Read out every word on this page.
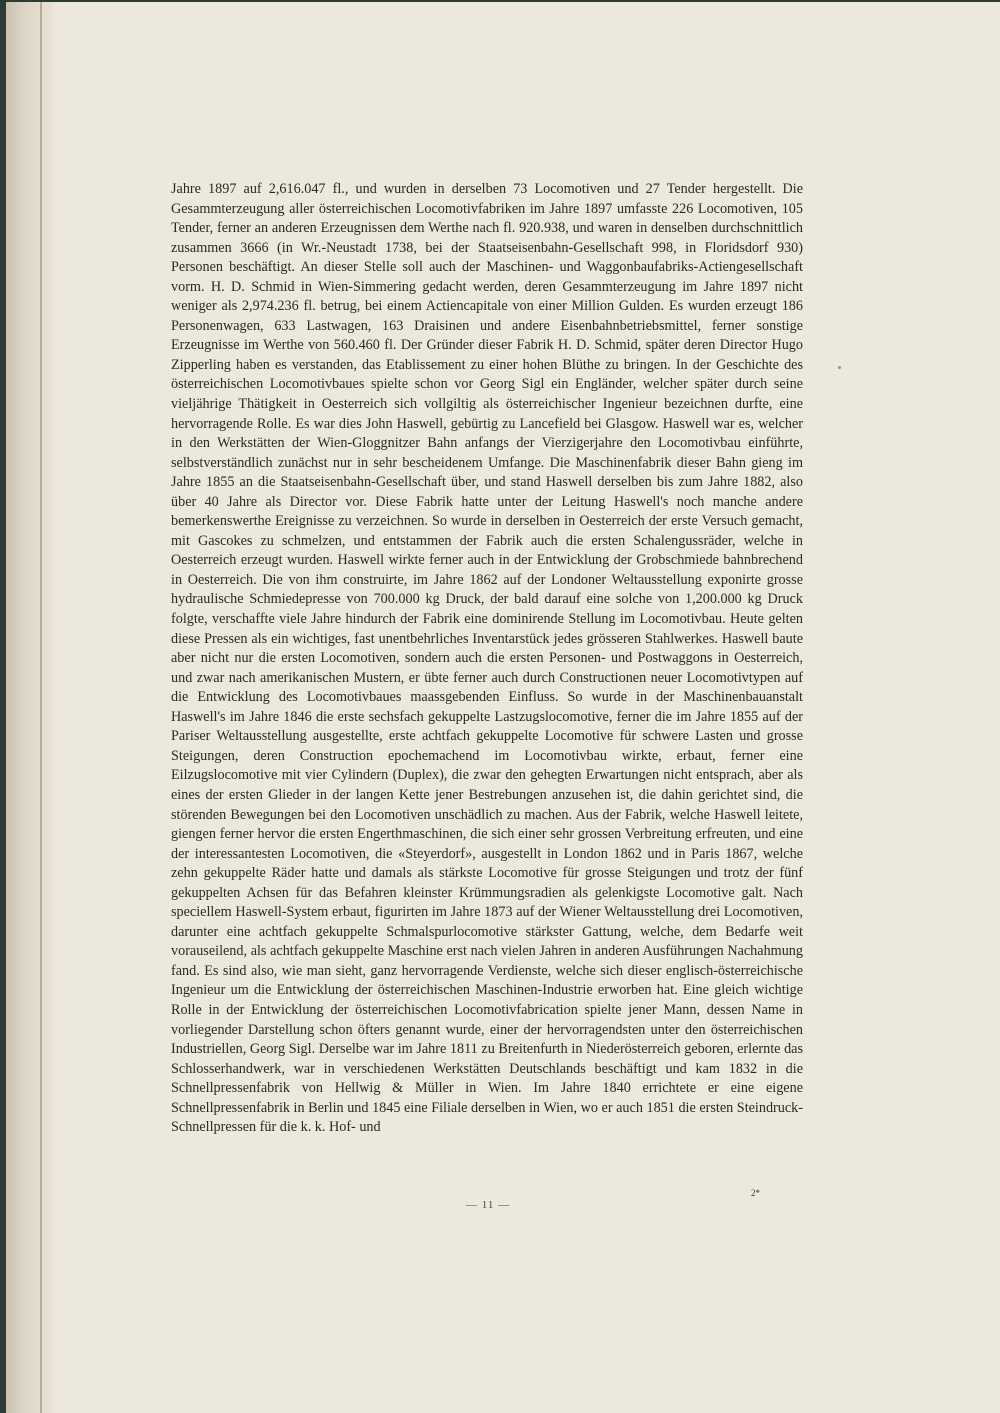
Jahre 1897 auf 2,616.047 fl., und wurden in derselben 73 Locomotiven und 27 Tender hergestellt. Die Gesammterzeugung aller österreichischen Locomotivfabriken im Jahre 1897 umfasste 226 Locomotiven, 105 Tender, ferner an anderen Erzeugnissen dem Werthe nach fl. 920.938, und waren in denselben durchschnittlich zusammen 3666 (in Wr.-Neustadt 1738, bei der Staatseisenbahn-Gesellschaft 998, in Floridsdorf 930) Personen beschäftigt. An dieser Stelle soll auch der Maschinen- und Waggonbaufabriks-Actiengesellschaft vorm. H. D. Schmid in Wien-Simmering gedacht werden, deren Gesammterzeugung im Jahre 1897 nicht weniger als 2,974.236 fl. betrug, bei einem Actiencapitale von einer Million Gulden. Es wurden erzeugt 186 Personenwagen, 633 Lastwagen, 163 Draisinen und andere Eisenbahnbetriebsmittel, ferner sonstige Erzeugnisse im Werthe von 560.460 fl. Der Gründer dieser Fabrik H. D. Schmid, später deren Director Hugo Zipperling haben es verstanden, das Etablissement zu einer hohen Blüthe zu bringen. In der Geschichte des österreichischen Locomotivbaues spielte schon vor Georg Sigl ein Engländer, welcher später durch seine vieljährige Thätigkeit in Oesterreich sich vollgiltig als österreichischer Ingenieur bezeichnen durfte, eine hervorragende Rolle. Es war dies John Haswell, gebürtig zu Lancefield bei Glasgow. Haswell war es, welcher in den Werkstätten der Wien-Gloggnitzer Bahn anfangs der Vierzigerjahre den Locomotivbau einführte, selbstverständlich zunächst nur in sehr bescheidenem Umfange. Die Maschinenfabrik dieser Bahn gieng im Jahre 1855 an die Staatseisenbahn-Gesellschaft über, und stand Haswell derselben bis zum Jahre 1882, also über 40 Jahre als Director vor. Diese Fabrik hatte unter der Leitung Haswell's noch manche andere bemerkenswerthe Ereignisse zu verzeichnen. So wurde in derselben in Oesterreich der erste Versuch gemacht, mit Gascokes zu schmelzen, und entstammen der Fabrik auch die ersten Schalengussräder, welche in Oesterreich erzeugt wurden. Haswell wirkte ferner auch in der Entwicklung der Grobschmiede bahnbrechend in Oesterreich. Die von ihm construirte, im Jahre 1862 auf der Londoner Weltausstellung exponirte grosse hydraulische Schmiedepresse von 700.000 kg Druck, der bald darauf eine solche von 1,200.000 kg Druck folgte, verschaffte viele Jahre hindurch der Fabrik eine dominirende Stellung im Locomotivbau. Heute gelten diese Pressen als ein wichtiges, fast unentbehrliches Inventarstück jedes grösseren Stahlwerkes. Haswell baute aber nicht nur die ersten Locomotiven, sondern auch die ersten Personen- und Postwaggons in Oesterreich, und zwar nach amerikanischen Mustern, er übte ferner auch durch Constructionen neuer Locomotivtypen auf die Entwicklung des Locomotivbaues maassgebenden Einfluss. So wurde in der Maschinenbauanstalt Haswell's im Jahre 1846 die erste sechsfach gekuppelte Lastzugslocomotive, ferner die im Jahre 1855 auf der Pariser Weltausstellung ausgestellte, erste achtfach gekuppelte Locomotive für schwere Lasten und grosse Steigungen, deren Construction epochemachend im Locomotivbau wirkte, erbaut, ferner eine Eilzugslocomotive mit vier Cylindern (Duplex), die zwar den gehegten Erwartungen nicht entsprach, aber als eines der ersten Glieder in der langen Kette jener Bestrebungen anzusehen ist, die dahin gerichtet sind, die störenden Bewegungen bei den Locomotiven unschädlich zu machen. Aus der Fabrik, welche Haswell leitete, giengen ferner hervor die ersten Engerthmaschinen, die sich einer sehr grossen Verbreitung erfreuten, und eine der interessantesten Locomotiven, die «Steyerdorf», ausgestellt in London 1862 und in Paris 1867, welche zehn gekuppelte Räder hatte und damals als stärkste Locomotive für grosse Steigungen und trotz der fünf gekuppelten Achsen für das Befahren kleinster Krümmungsradien als gelenkigste Locomotive galt. Nach speciellem Haswell-System erbaut, figurirten im Jahre 1873 auf der Wiener Weltausstellung drei Locomotiven, darunter eine achtfach gekuppelte Schmalspurlocomotive stärkster Gattung, welche, dem Bedarfe weit vorauseilend, als achtfach gekuppelte Maschine erst nach vielen Jahren in anderen Ausführungen Nachahmung fand. Es sind also, wie man sieht, ganz hervorragende Verdienste, welche sich dieser englisch-österreichische Ingenieur um die Entwicklung der österreichischen Maschinen-Industrie erworben hat. Eine gleich wichtige Rolle in der Entwicklung der österreichischen Locomotivfabrication spielte jener Mann, dessen Name in vorliegender Darstellung schon öfters genannt wurde, einer der hervorragendsten unter den österreichischen Industriellen, Georg Sigl. Derselbe war im Jahre 1811 zu Breitenfurth in Niederösterreich geboren, erlernte das Schlosserhandwerk, war in verschiedenen Werkstätten Deutschlands beschäftigt und kam 1832 in die Schnellpressenfabrik von Hellwig & Müller in Wien. Im Jahre 1840 errichtete er eine eigene Schnellpressenfabrik in Berlin und 1845 eine Filiale derselben in Wien, wo er auch 1851 die ersten Steindruck-Schnellpressen für die k. k. Hof- und

2*
— 11 —
